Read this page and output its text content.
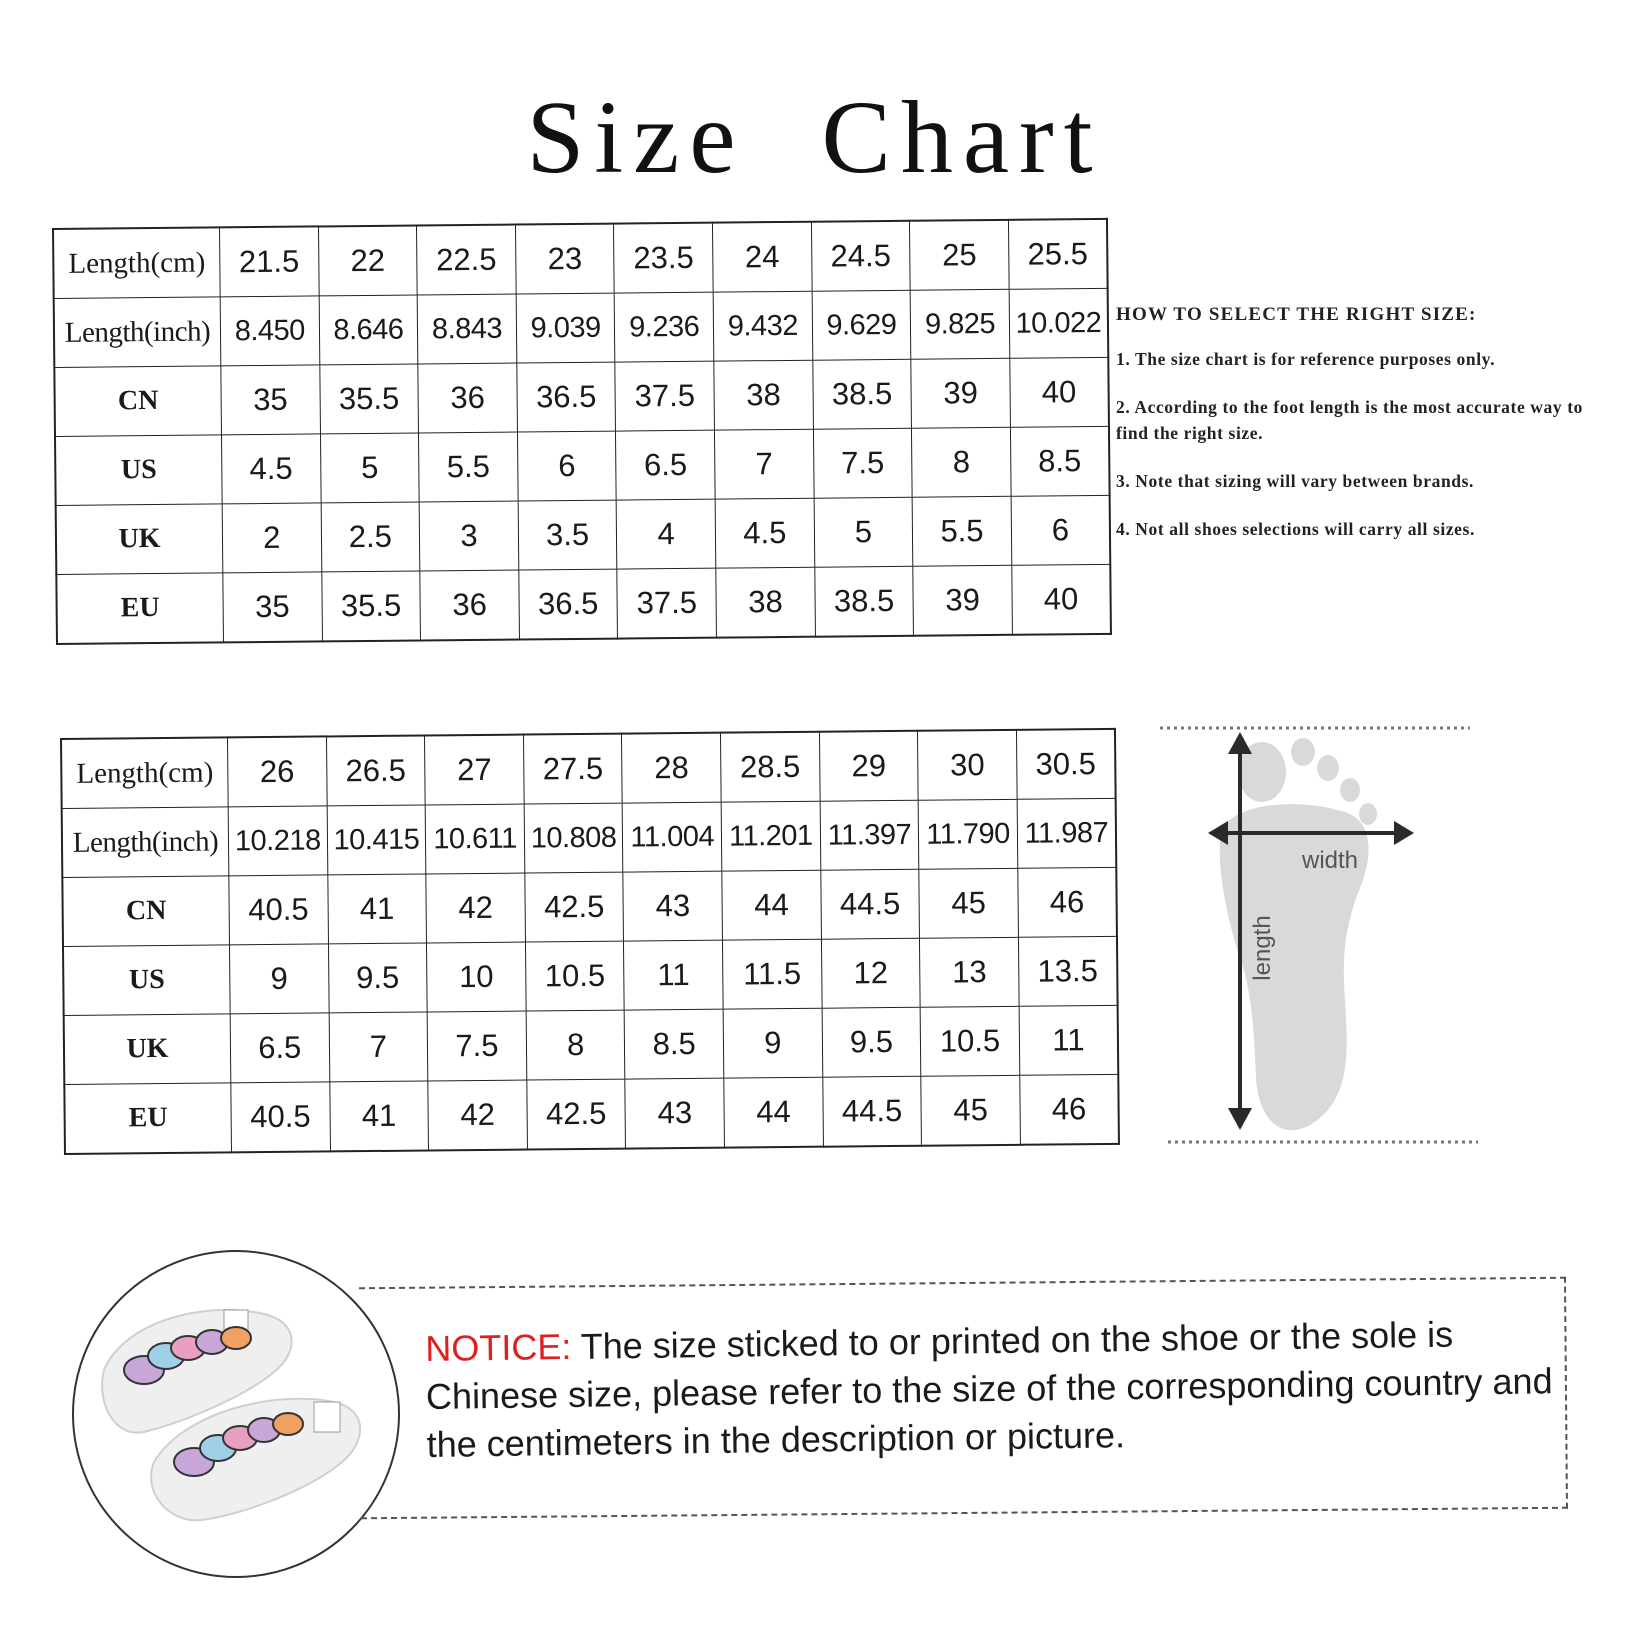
Size Chart
Length(cm)	21.5	22	22.5	23	23.5	24	24.5	25	25.5
Length(inch)	8.450	8.646	8.843	9.039	9.236	9.432	9.629	9.825	10.022
CN	35	35.5	36	36.5	37.5	38	38.5	39	40
US	4.5	5	5.5	6	6.5	7	7.5	8	8.5
UK	2	2.5	3	3.5	4	4.5	5	5.5	6
EU	35	35.5	36	36.5	37.5	38	38.5	39	40
Length(cm)	26	26.5	27	27.5	28	28.5	29	30	30.5
Length(inch)	10.218	10.415	10.611	10.808	11.004	11.201	11.397	11.790	11.987
CN	40.5	41	42	42.5	43	44	44.5	45	46
US	9	9.5	10	10.5	11	11.5	12	13	13.5
UK	6.5	7	7.5	8	8.5	9	9.5	10.5	11
EU	40.5	41	42	42.5	43	44	44.5	45	46
HOW TO SELECT THE RIGHT SIZE:
1. The size chart is for reference purposes only.
2. According to the foot length is the most accurate way to find the right size.
3. Note that sizing will vary between brands.
4. Not all shoes selections will carry all sizes.
width
length
NOTICE: The size sticked to or printed on the shoe or the sole is Chinese size, please refer to the size of the corresponding country and the centimeters in the description or picture.
